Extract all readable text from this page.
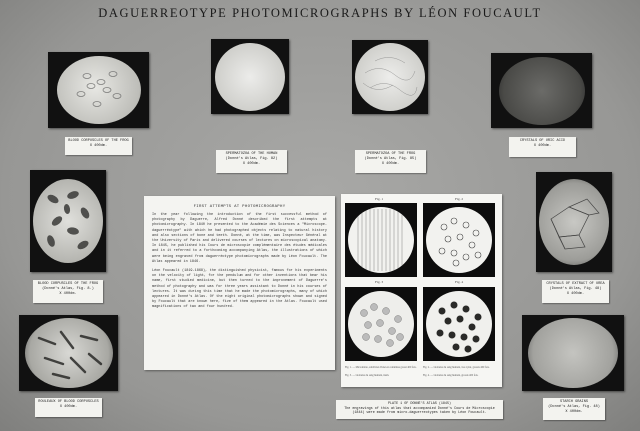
DAGUERREOTYPE PHOTOMICROGRAPHS BY LÉON FOUCAULT
BLOOD CORPUSCLES OF THE FROG
X 400dm.
SPERMATOZOA OF THE HUMAN
(Donné's Atlas, Fig. 82)
X 400dm.
SPERMATOZOA OF THE FROG
(Donné's Atlas, Fig. 85)
X 400dm.
CRYSTALS OF URIC ACID
X 400dm.
BLOOD CORPUSCLES OF THE FROG
(Donné's Atlas, Fig. 8.)
X 400dm.
ROULEAUX OF BLOOD CORPUSCLES
X 400dm.
CRYSTALS OF EXTRACT OF UREA
(Donné's Atlas, Fig. 48)
X 400dm.
STARCH GRAINS
(Donné's Atlas, Fig. 48)
X 400dm.
FIRST ATTEMPTS AT PHOTOMICROGRAPHY

In the year following the introduction of the first successful method of photography by Daguerre, Alfred Donné described the first attempts at photomicrography. In 1840 he presented to the Académie des Sciences a "Microscope-daguerréotype" with which he had photographed objects relating to natural history and also sections of bone and teeth. Donné, at the time, was Inspecteur Général at the University of Paris and delivered courses of lectures on microscopical anatomy. In 1845, he published his Cours de microscopie complémentaire des études médicales and in it referred to a forthcoming accompanying Atlas, the illustrations of which were being engraved from daguerréotype photomicrographs made by Léon Foucault. The Atlas appeared in 1846.

Léon Foucault (1819-1868), the distinguished physicist, famous for his experiments on the velocity of light, for the pendulum and for other inventions that bear his name, first studied medicine, but then turned to the improvement of Daguerre's method of photography and was for three years assistant to Donné in his courses of lectures. It was during this time that he made the photomicrographs, many of which appeared in Donné's Atlas. Of the eight original photomicrographs shown and signed by Foucault that are known here, five of them appeared in the Atlas. Foucault used magnifications of two and four hundred.

Fig. 1	Fig. 2
Fig. 3	Fig. 4
Fig. 1. — Micromètre, subdivisé divisé en centièmes grossi 400 fois.	Fig. 2. — Globules du sang humain, vus à plat, grossis 400 fois.
Fig. 3. — Globules du sang humain, idem.	Fig. 4. — Globules du sang humain, grossis 400 fois.
PLATE 1 OF DONNÉ'S ATLAS (1845)
The engravings of this atlas that accompanied Donné's Cours de Microscopie
(1844) were made from micro-daguerreotypes taken by Léon Foucault.
